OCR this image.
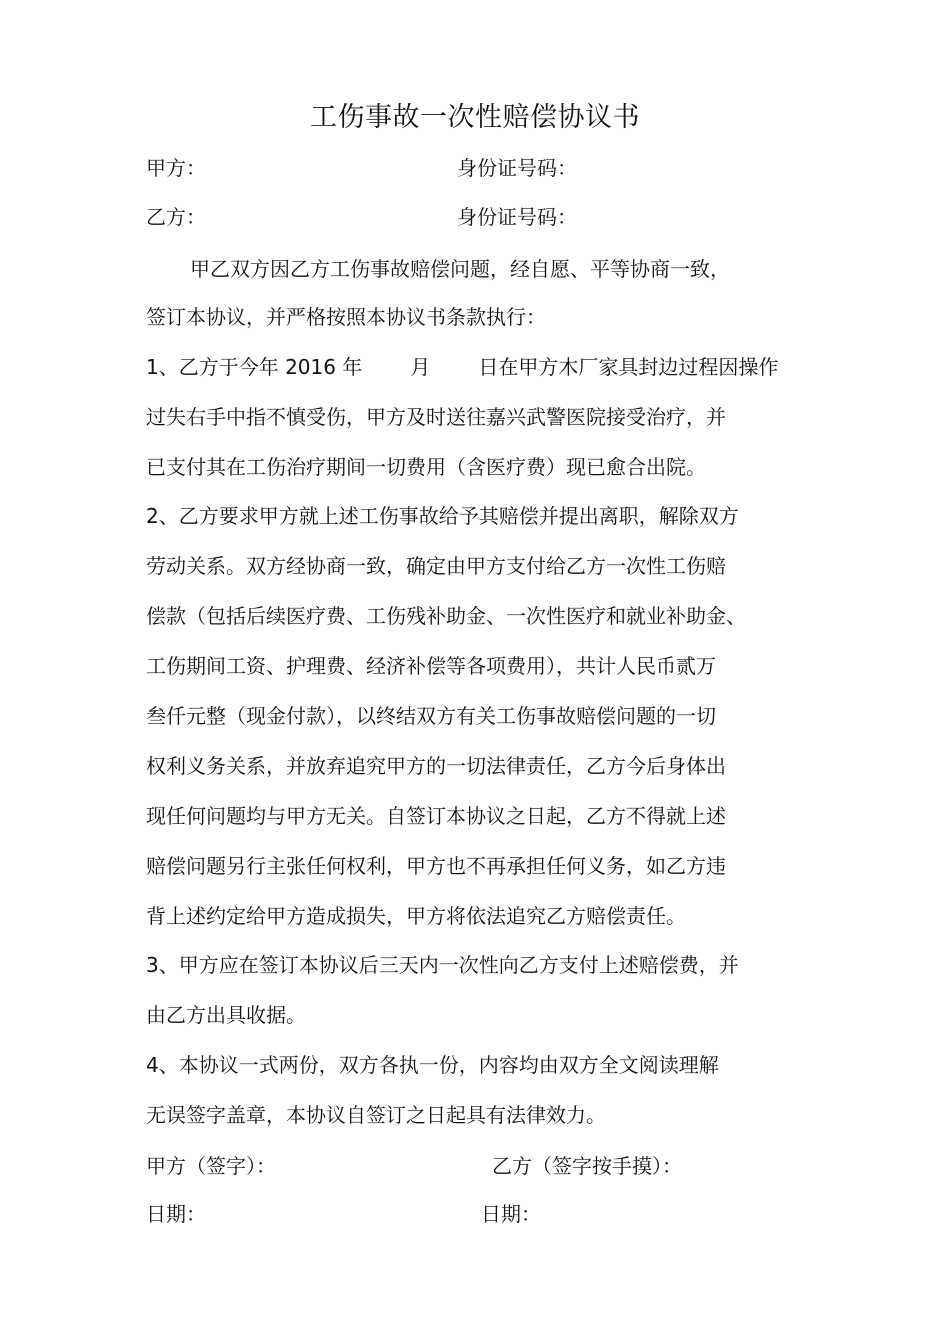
工伤事故一次性赔偿协议书
甲方：	身份证号码：
乙方：	身份证号码：
甲乙双方因乙方工伤事故赔偿问题，经自愿、平等协商一致，
签订本协议，并严格按照本协议书条款执行：
1、乙方于今年 2016 年 月 日在甲方木厂家具封边过程因操作
过失右手中指不慎受伤，甲方及时送往嘉兴武警医院接受治疗，并
已支付其在工伤治疗期间一切费用（含医疗费）现已愈合出院。
2、乙方要求甲方就上述工伤事故给予其赔偿并提出离职，解除双方
劳动关系。双方经协商一致，确定由甲方支付给乙方一次性工伤赔
偿款（包括后续医疗费、工伤残补助金、一次性医疗和就业补助金、
工伤期间工资、护理费、经济补偿等各项费用），共计人民币贰万
叁仟元整（现金付款），以终结双方有关工伤事故赔偿问题的一切
权利义务关系，并放弃追究甲方的一切法律责任，乙方今后身体出
现任何问题均与甲方无关。自签订本协议之日起，乙方不得就上述
赔偿问题另行主张任何权利，甲方也不再承担任何义务，如乙方违
背上述约定给甲方造成损失，甲方将依法追究乙方赔偿责任。
3、甲方应在签订本协议后三天内一次性向乙方支付上述赔偿费，并
由乙方出具收据。
4、本协议一式两份，双方各执一份，内容均由双方全文阅读理解
无误签字盖章，本协议自签订之日起具有法律效力。
甲方（签字）：	乙方（签字按手摸）：
日期：	日期：
